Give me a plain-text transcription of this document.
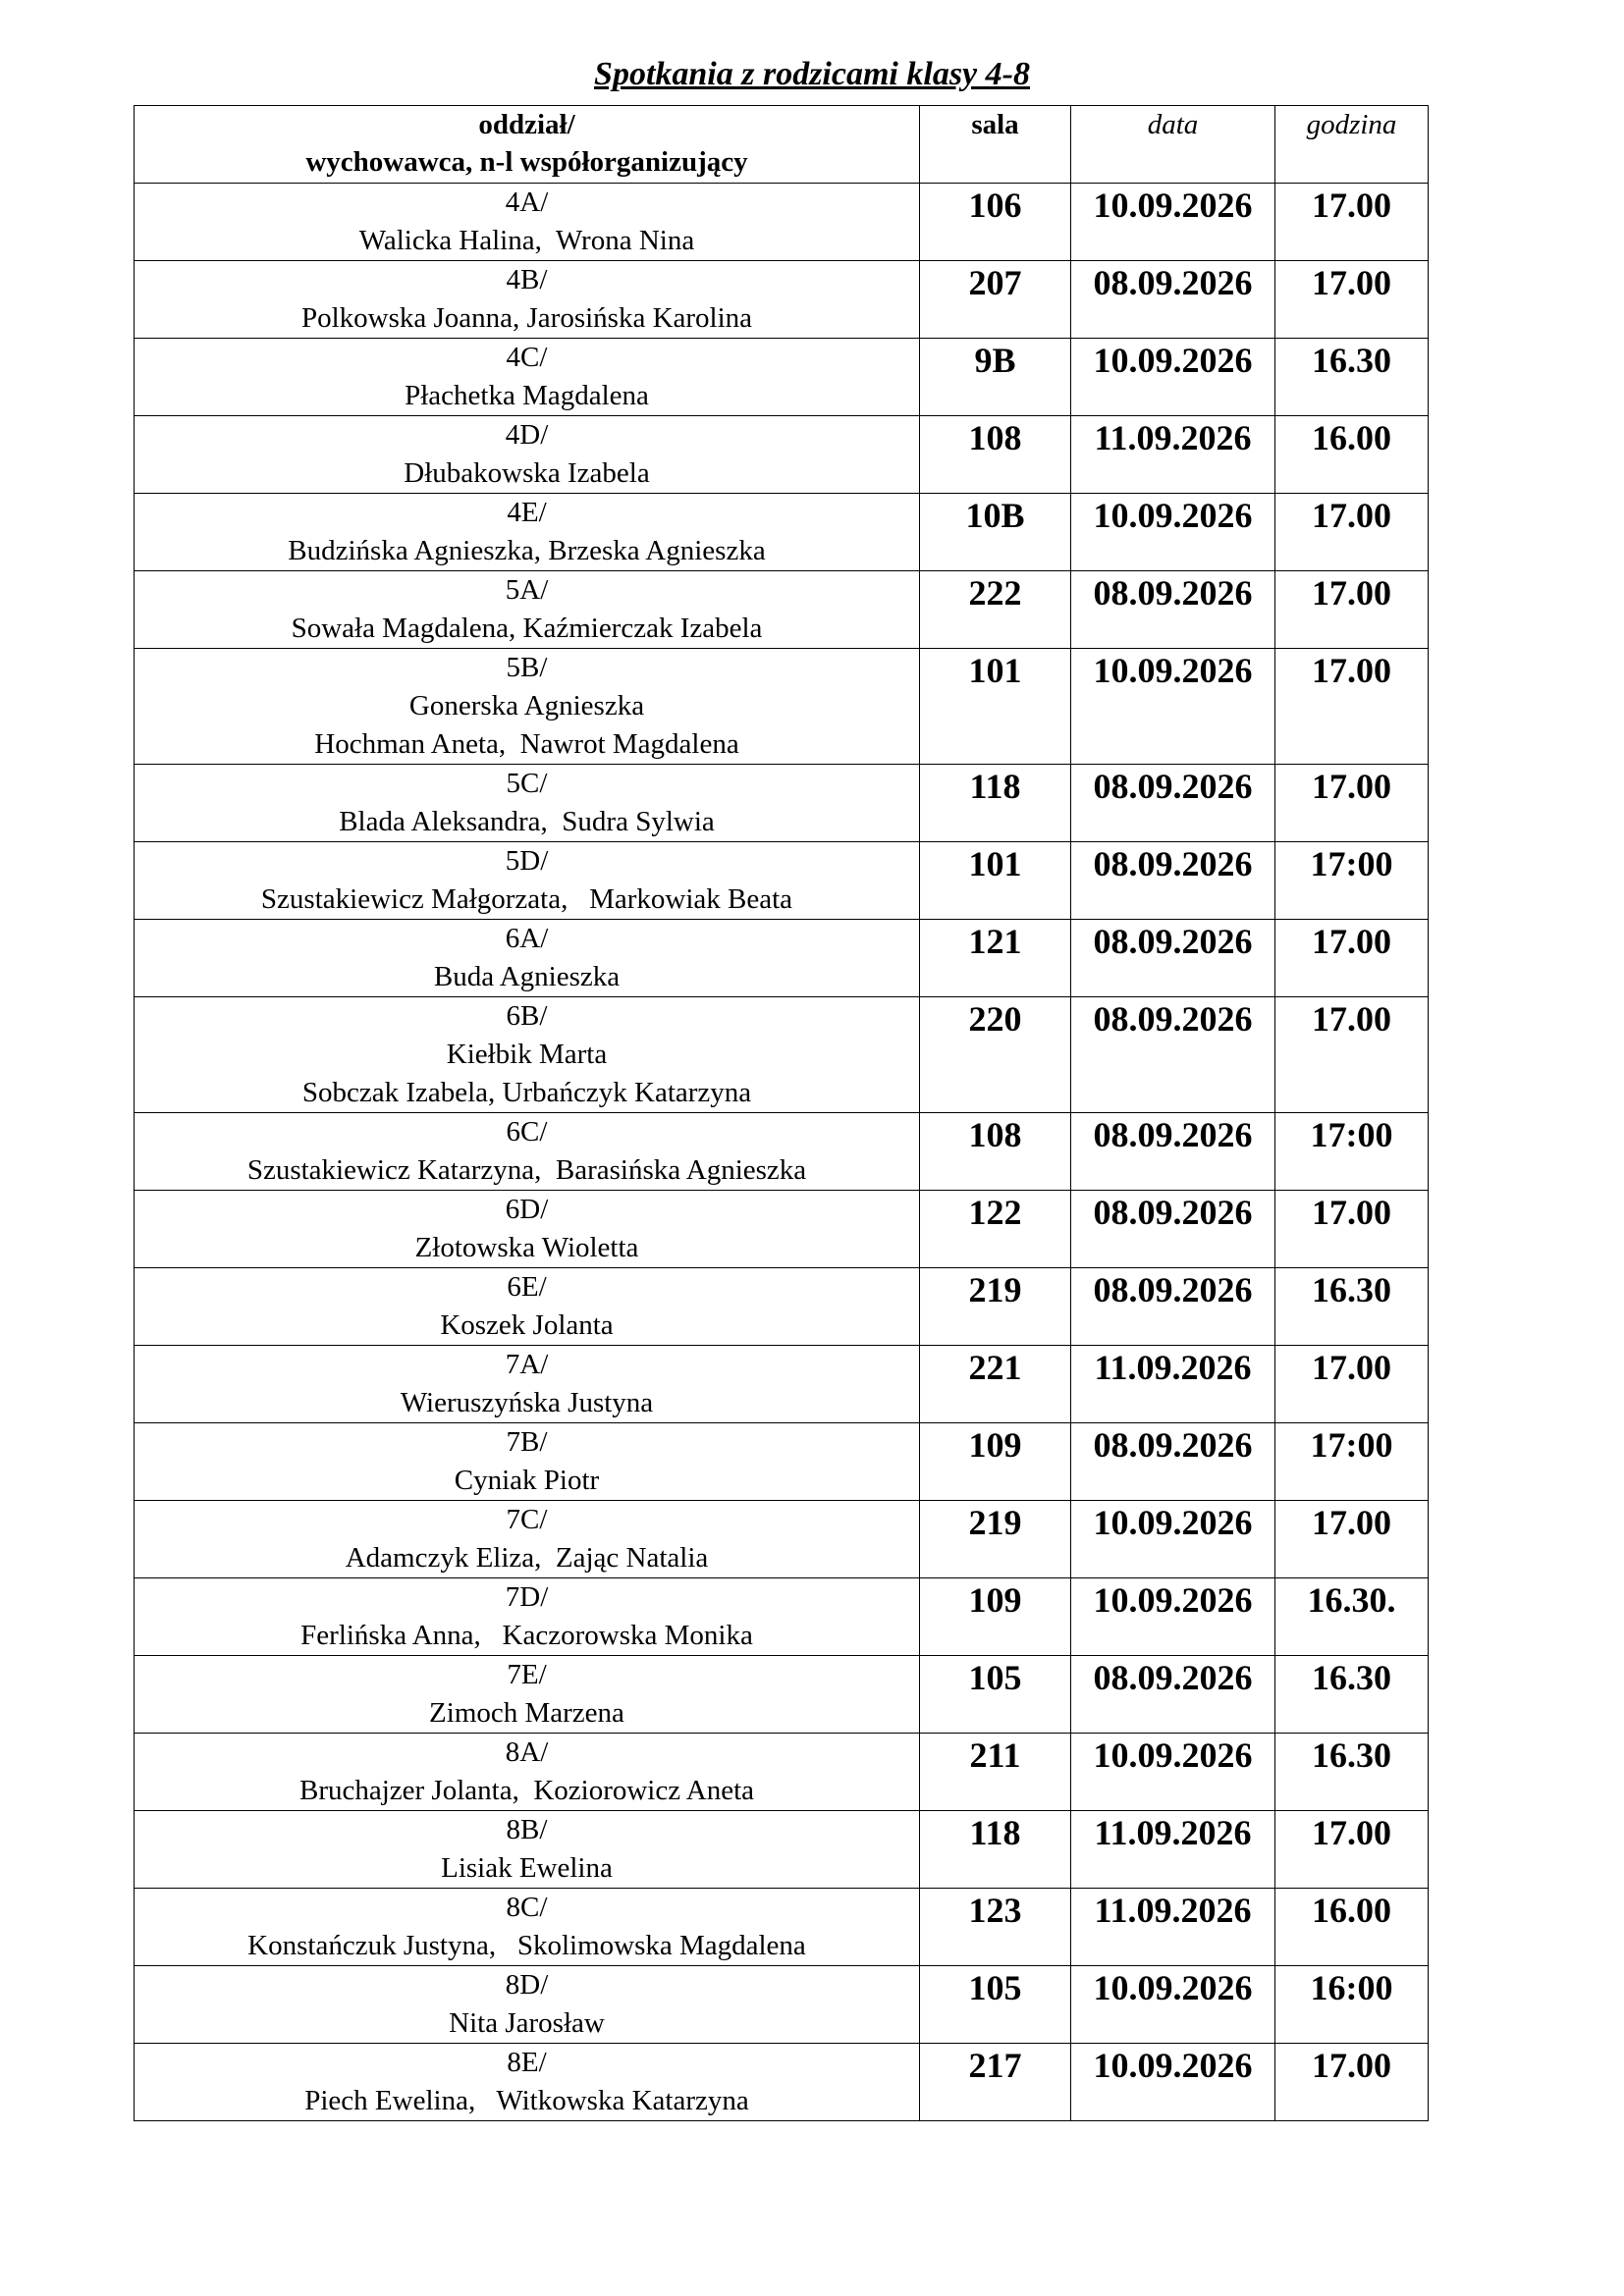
Spotkania z rodzicami klasy 4-8
oddział/
wychowawca, n-l współorganizujący	sala	data	godzina

4A/
Walicka Halina,  Wrona Nina	106	10.09.2026	17.00

4B/
Polkowska Joanna, Jarosińska Karolina	207	08.09.2026	17.00

4C/
Płachetka Magdalena	9B	10.09.2026	16.30

4D/
Dłubakowska Izabela	108	11.09.2026	16.00

4E/
Budzińska Agnieszka, Brzeska Agnieszka	10B	10.09.2026	17.00

5A/
Sowała Magdalena, Kaźmierczak Izabela	222	08.09.2026	17.00

5B/
Gonerska Agnieszka
Hochman Aneta,  Nawrot Magdalena	101	10.09.2026	17.00

5C/
Blada Aleksandra,  Sudra Sylwia	118	08.09.2026	17.00

5D/
Szustakiewicz Małgorzata,   Markowiak Beata	101	08.09.2026	17:00

6A/
Buda Agnieszka	121	08.09.2026	17.00

6B/
Kiełbik Marta
Sobczak Izabela, Urbańczyk Katarzyna	220	08.09.2026	17.00

6C/
Szustakiewicz Katarzyna,  Barasińska Agnieszka	108	08.09.2026	17:00

6D/
Złotowska Wioletta	122	08.09.2026	17.00

6E/
Koszek Jolanta	219	08.09.2026	16.30

7A/
Wieruszyńska Justyna	221	11.09.2026	17.00

7B/
Cyniak Piotr	109	08.09.2026	17:00

7C/
Adamczyk Eliza,  Zając Natalia	219	10.09.2026	17.00

7D/
Ferlińska Anna,   Kaczorowska Monika	109	10.09.2026	16.30.

7E/
Zimoch Marzena	105	08.09.2026	16.30

8A/
Bruchajzer Jolanta,  Koziorowicz Aneta	211	10.09.2026	16.30

8B/
Lisiak Ewelina	118	11.09.2026	17.00

8C/
Konstańczuk Justyna,   Skolimowska Magdalena	123	11.09.2026	16.00

8D/
Nita Jarosław	105	10.09.2026	16:00

8E/
Piech Ewelina,   Witkowska Katarzyna	217	10.09.2026	17.00
